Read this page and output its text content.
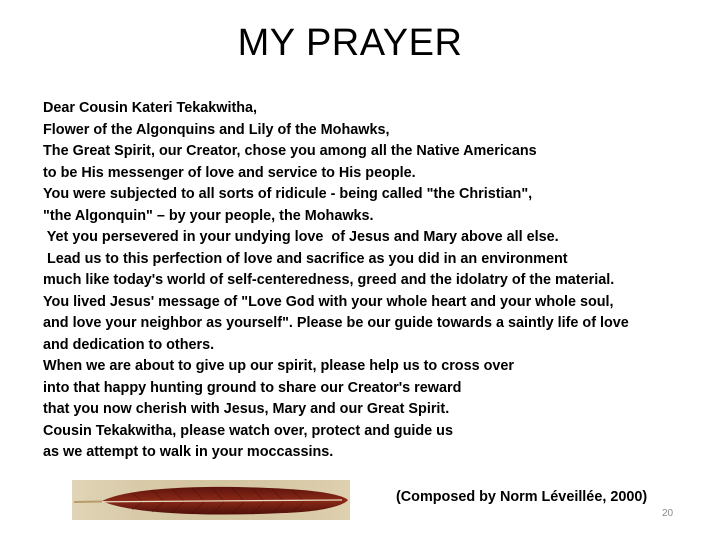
MY PRAYER
Dear Cousin Kateri Tekakwitha,
Flower of the Algonquins and Lily of the Mohawks,
The Great Spirit, our Creator, chose you among all the Native Americans
to be His messenger of love and service to His people.
You were subjected to all sorts of ridicule - being called "the Christian",
"the Algonquin" – by your people, the Mohawks.
Yet you persevered in your undying love  of Jesus and Mary above all else.
Lead us to this perfection of love and sacrifice as you did in an environment
much like today's world of self-centeredness, greed and the idolatry of the material.
You lived Jesus' message of "Love God with your whole heart and your whole soul,
and love your neighbor as yourself". Please be our guide towards a saintly life of love
and dedication to others.
When we are about to give up our spirit, please help us to cross over
into that happy hunting ground to share our Creator's reward
that you now cherish with Jesus, Mary and our Great Spirit.
Cousin Tekakwitha, please watch over, protect and guide us
as we attempt to walk in your moccassins.
(Composed by Norm Léveillée, 2000)
20
